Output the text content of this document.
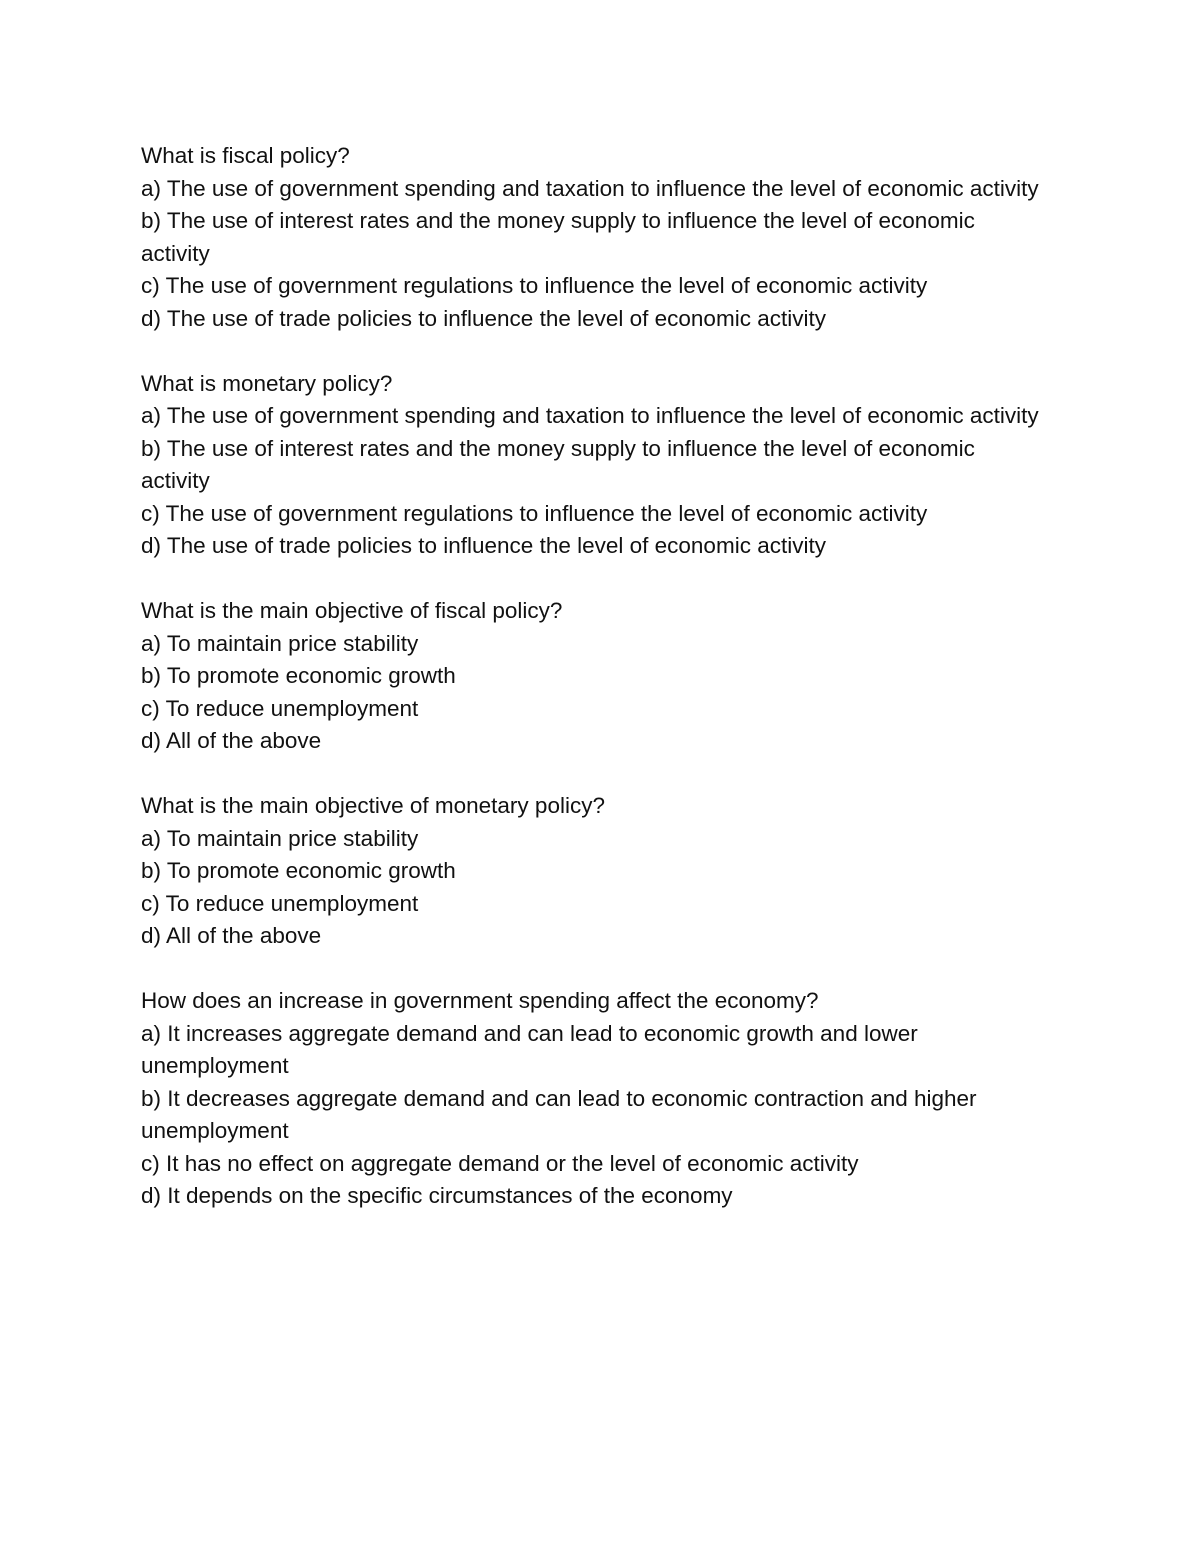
What is fiscal policy?

a) The use of government spending and taxation to influence the level of economic activity

b) The use of interest rates and the money supply to influence the level of economic activity

c) The use of government regulations to influence the level of economic activity

d) The use of trade policies to influence the level of economic activity

What is monetary policy?

a) The use of government spending and taxation to influence the level of economic activity

b) The use of interest rates and the money supply to influence the level of economic activity

c) The use of government regulations to influence the level of economic activity

d) The use of trade policies to influence the level of economic activity

What is the main objective of fiscal policy?

a) To maintain price stability

b) To promote economic growth

c) To reduce unemployment

d) All of the above

What is the main objective of monetary policy?

a) To maintain price stability

b) To promote economic growth

c) To reduce unemployment

d) All of the above

How does an increase in government spending affect the economy?

a) It increases aggregate demand and can lead to economic growth and lower unemployment

b) It decreases aggregate demand and can lead to economic contraction and higher unemployment

c) It has no effect on aggregate demand or the level of economic activity

d) It depends on the specific circumstances of the economy
